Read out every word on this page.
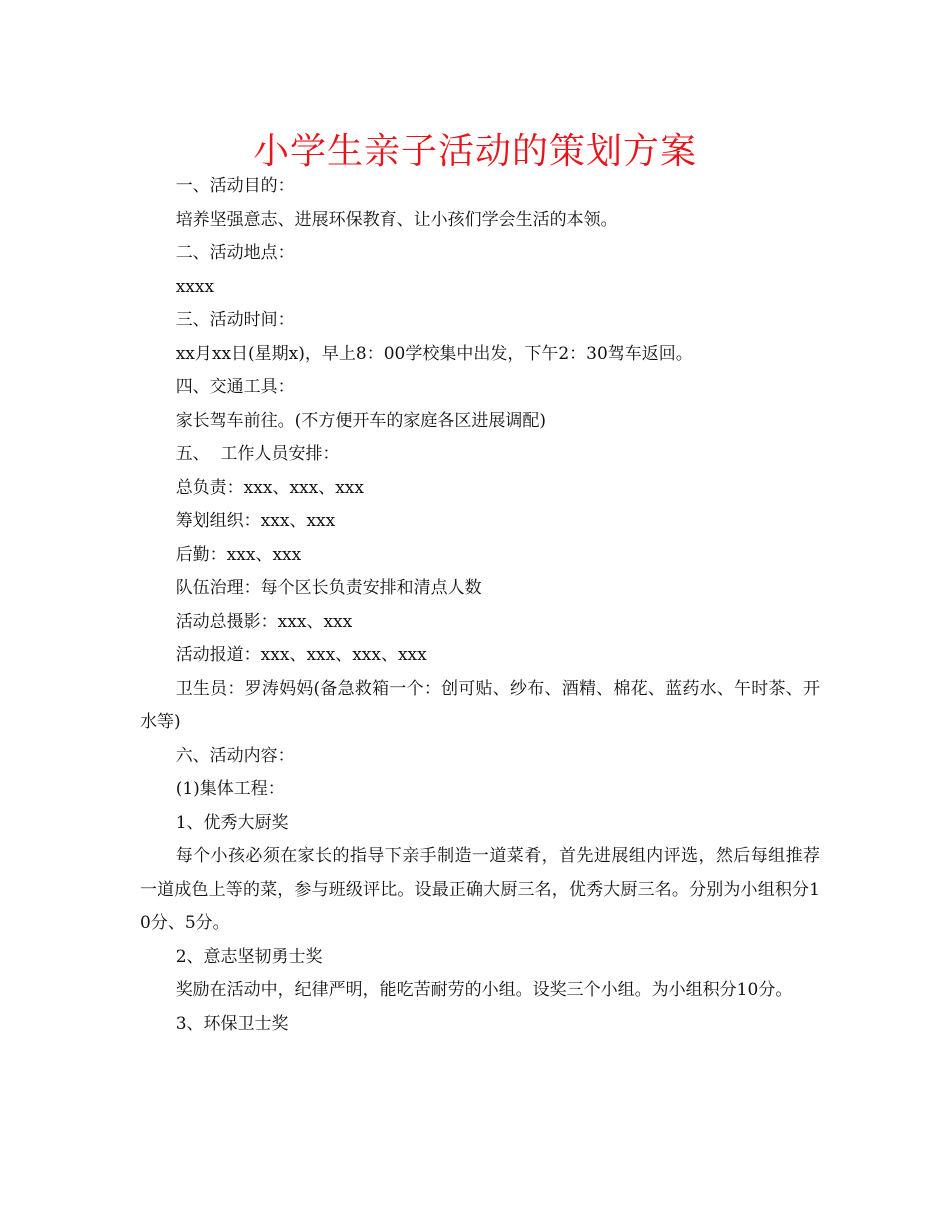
小学生亲子活动的策划方案

一、活动目的：

培养坚强意志、进展环保教育、让小孩们学会生活的本领。

二、活动地点：

xxxx

三、活动时间：

xx月xx日(星期x)，早上8：00学校集中出发，下午2：30驾车返回。

四、交通工具：

家长驾车前往。(不方便开车的家庭各区进展调配)

五、  工作人员安排：

总负责：xxx、xxx、xxx

筹划组织：xxx、xxx

后勤：xxx、xxx

队伍治理：每个区长负责安排和清点人数

活动总摄影：xxx、xxx

活动报道：xxx、xxx、xxx、xxx

卫生员：罗涛妈妈(备急救箱一个：创可贴、纱布、酒精、棉花、蓝药水、午时茶、开水等)

六、活动内容：

(1)集体工程：

1、优秀大厨奖

每个小孩必须在家长的指导下亲手制造一道菜肴，首先进展组内评选，然后每组推荐一道成色上等的菜，参与班级评比。设最正确大厨三名，优秀大厨三名。分别为小组积分10分、5分。

2、意志坚韧勇士奖

奖励在活动中，纪律严明，能吃苦耐劳的小组。设奖三个小组。为小组积分10分。

3、环保卫士奖
